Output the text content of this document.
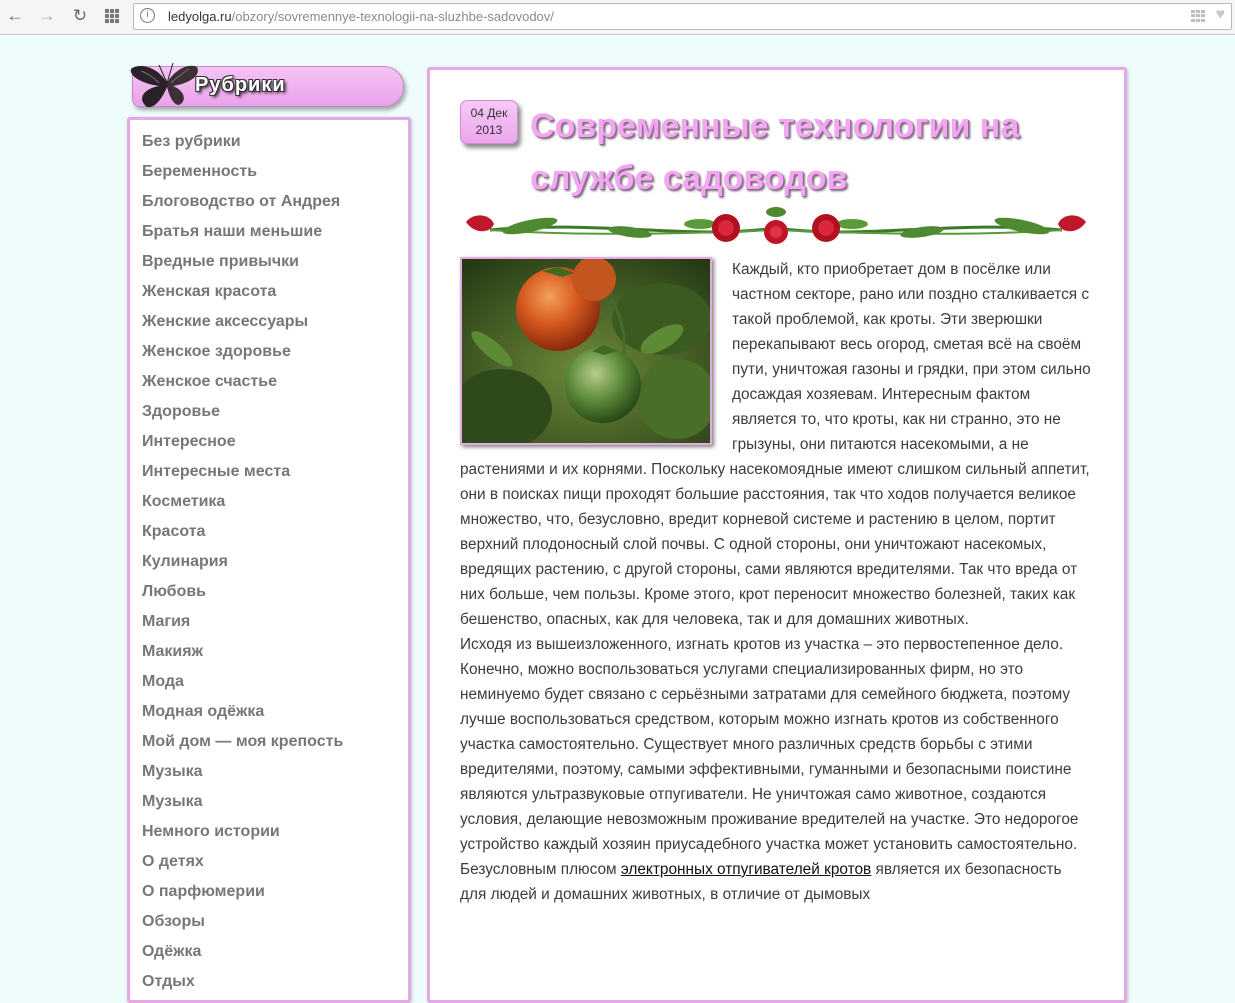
← → ↻	i	ledyolga.ru/obzory/sovremennye-texnologii-na-sluzhbe-sadovodov/	♥
Рубрики
Без рубрики
Беременность
Блоговодство от Андрея
Братья наши меньшие
Вредные привычки
Женская красота
Женские аксессуары
Женское здоровье
Женское счастье
Здоровье
Интересное
Интересные места
Косметика
Красота
Кулинария
Любовь
Магия
Макияж
Мода
Модная одёжка
Мой дом — моя крепость
Музыка
Музыка
Немного истории
О детях
О парфюмерии
Обзоры
Одёжка
Отдых
04 Дек
2013 Современные технологии на службе садоводов

Каждый, кто приобретает дом в посёлке или частном секторе, рано или поздно сталкивается с такой проблемой, как кроты. Эти зверюшки перекапывают весь огород, сметая всё на своём пути, уничтожая газоны и грядки, при этом сильно досаждая хозяевам. Интересным фактом является то, что кроты, как ни странно, это не грызуны, они питаются насекомыми, а не растениями и их корнями. Поскольку насекомоядные имеют слишком сильный аппетит, они в поисках пищи проходят большие расстояния, так что ходов получается великое множество, что, безусловно, вредит корневой системе и растению в целом, портит верхний плодоносный слой почвы. С одной стороны, они уничтожают насекомых, вредящих растению, с другой стороны, сами являются вредителями. Так что вреда от них больше, чем пользы. Кроме этого, крот переносит множество болезней, таких как бешенство, опасных, как для человека, так и для домашних животных.

Исходя из вышеизложенного, изгнать кротов из участка – это первостепенное дело. Конечно, можно воспользоваться услугами специализированных фирм, но это неминуемо будет связано с серьёзными затратами для семейного бюджета, поэтому лучше воспользоваться средством, которым можно изгнать кротов из собственного участка самостоятельно. Существует много различных средств борьбы с этими вредителями, поэтому, самыми эффективными, гуманными и безопасными поистине являются ультразвуковые отпугиватели. Не уничтожая само животное, создаются условия, делающие невозможным проживание вредителей на участке. Это недорогое устройство каждый хозяин приусадебного участка может установить самостоятельно.

Безусловным плюсом электронных отпугивателей кротов является их безопасность для людей и домашних животных, в отличие от дымовых
